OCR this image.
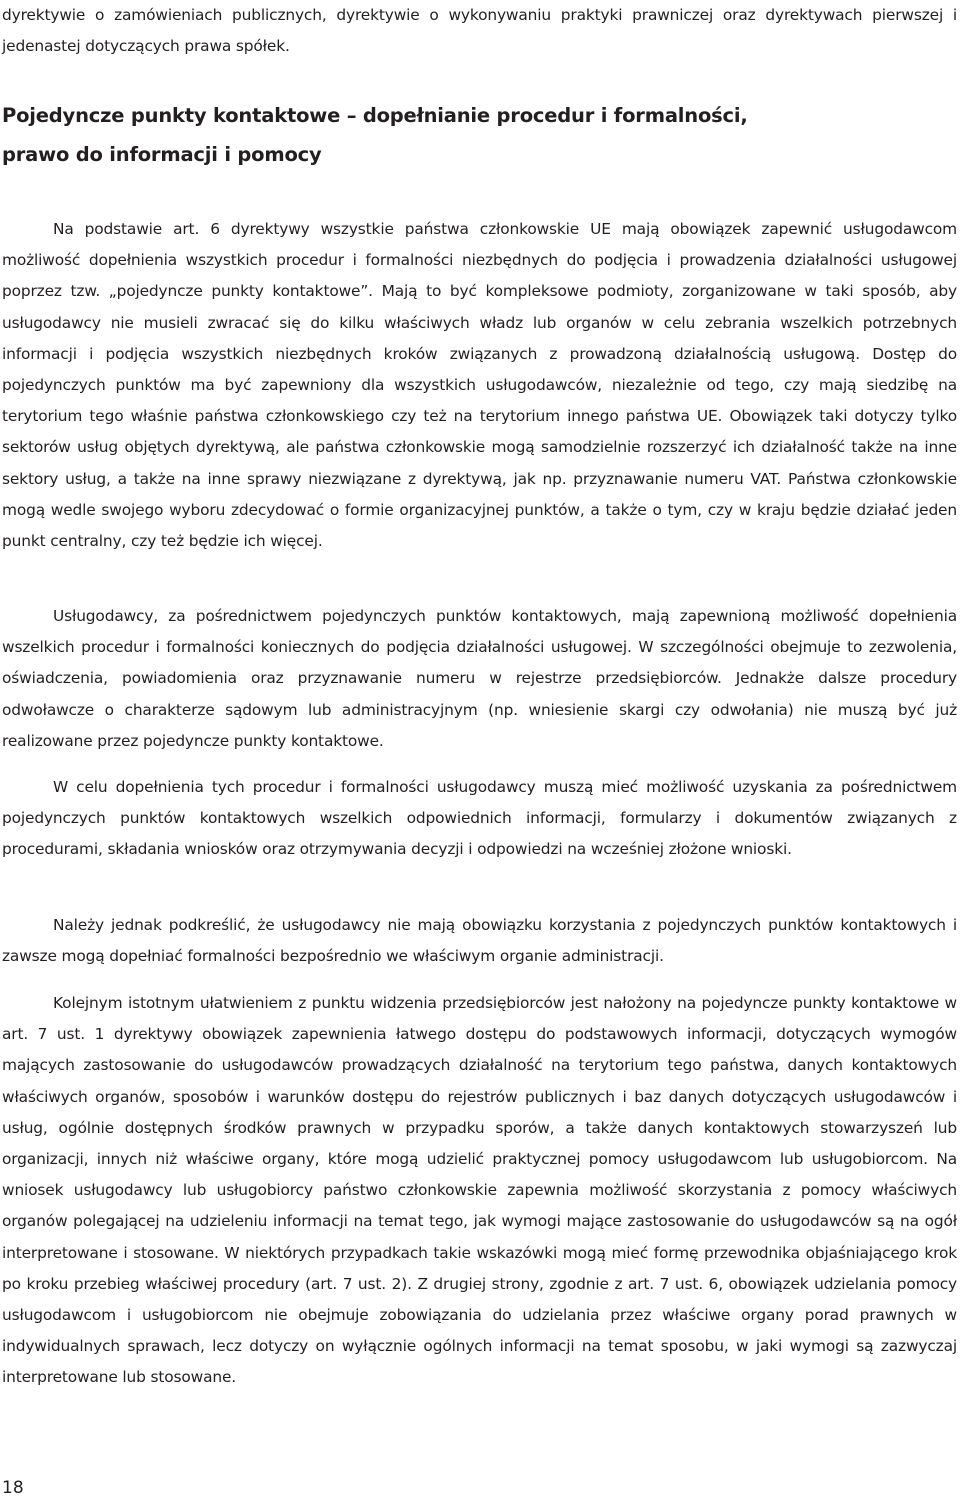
dyrektywie o zamówieniach publicznych, dyrektywie o wykonywaniu praktyki prawniczej oraz dyrektywach pierwszej i jedenastej dotyczących prawa spółek.

Pojedyncze punkty kontaktowe – dopełnianie procedur i formalności,
prawo do informacji i pomocy

Na podstawie art. 6 dyrektywy wszystkie państwa członkowskie UE mają obowiązek zapewnić usługodawcom możliwość dopełnienia wszystkich procedur i formalności niezbędnych do podjęcia i prowadzenia działalności usługowej poprzez tzw. „pojedyncze punkty kontaktowe”. Mają to być kompleksowe podmioty, zorganizowane w taki sposób, aby usługodawcy nie musieli zwracać się do kilku właściwych władz lub organów w celu zebrania wszelkich potrzebnych informacji i podjęcia wszystkich niezbędnych kroków związanych z prowadzoną działalnością usługową. Dostęp do pojedynczych punktów ma być zapewniony dla wszystkich usługodawców, niezależnie od tego, czy mają siedzibę na terytorium tego właśnie państwa członkowskiego czy też na terytorium innego państwa UE. Obowiązek taki dotyczy tylko sektorów usług objętych dyrektywą, ale państwa członkowskie mogą samodzielnie rozszerzyć ich działalność także na inne sektory usług, a także na inne sprawy niezwiązane z dyrektywą, jak np. przyznawanie numeru VAT. Państwa członkowskie mogą wedle swojego wyboru zdecydować o formie organizacyjnej punktów, a także o tym, czy w kraju będzie działać jeden punkt centralny, czy też będzie ich więcej.

Usługodawcy, za pośrednictwem pojedynczych punktów kontaktowych, mają zapewnioną możliwość dopełnienia wszelkich procedur i formalności koniecznych do podjęcia działalności usługowej. W szczególności obejmuje to zezwolenia, oświadczenia, powiadomienia oraz przyznawanie numeru w rejestrze przedsiębiorców. Jednakże dalsze procedury odwoławcze o charakterze sądowym lub administracyjnym (np. wniesienie skargi czy odwołania) nie muszą być już realizowane przez pojedyncze punkty kontaktowe.

W celu dopełnienia tych procedur i formalności usługodawcy muszą mieć możliwość uzyskania za pośrednictwem pojedynczych punktów kontaktowych wszelkich odpowiednich informacji, formularzy i dokumentów związanych z procedurami, składania wniosków oraz otrzymywania decyzji i odpowiedzi na wcześniej złożone wnioski.

Należy jednak podkreślić, że usługodawcy nie mają obowiązku korzystania z pojedynczych punktów kontaktowych i zawsze mogą dopełniać formalności bezpośrednio we właściwym organie administracji.

Kolejnym istotnym ułatwieniem z punktu widzenia przedsiębiorców jest nałożony na pojedyncze punkty kontaktowe w art. 7 ust. 1 dyrektywy obowiązek zapewnienia łatwego dostępu do podstawowych informacji, dotyczących wymogów mających zastosowanie do usługodawców prowadzących działalność na terytorium tego państwa, danych kontaktowych właściwych organów, sposobów i warunków dostępu do rejestrów publicznych i baz danych dotyczących usługodawców i usług, ogólnie dostępnych środków prawnych w przypadku sporów, a także danych kontaktowych stowarzyszeń lub organizacji, innych niż właściwe organy, które mogą udzielić praktycznej pomocy usługodawcom lub usługobiorcom. Na wniosek usługodawcy lub usługobiorcy państwo członkowskie zapewnia możliwość skorzystania z pomocy właściwych organów polegającej na udzieleniu informacji na temat tego, jak wymogi mające zastosowanie do usługodawców są na ogół interpretowane i stosowane. W niektórych przypadkach takie wskazówki mogą mieć formę przewodnika objaśniającego krok po kroku przebieg właściwej procedury (art. 7 ust. 2). Z drugiej strony, zgodnie z art. 7 ust. 6, obowiązek udzielania pomocy usługodawcom i usługobiorcom nie obejmuje zobowiązania do udzielania przez właściwe organy porad prawnych w indywidualnych sprawach, lecz dotyczy on wyłącznie ogólnych informacji na temat sposobu, w jaki wymogi są zazwyczaj interpretowane lub stosowane.

18
